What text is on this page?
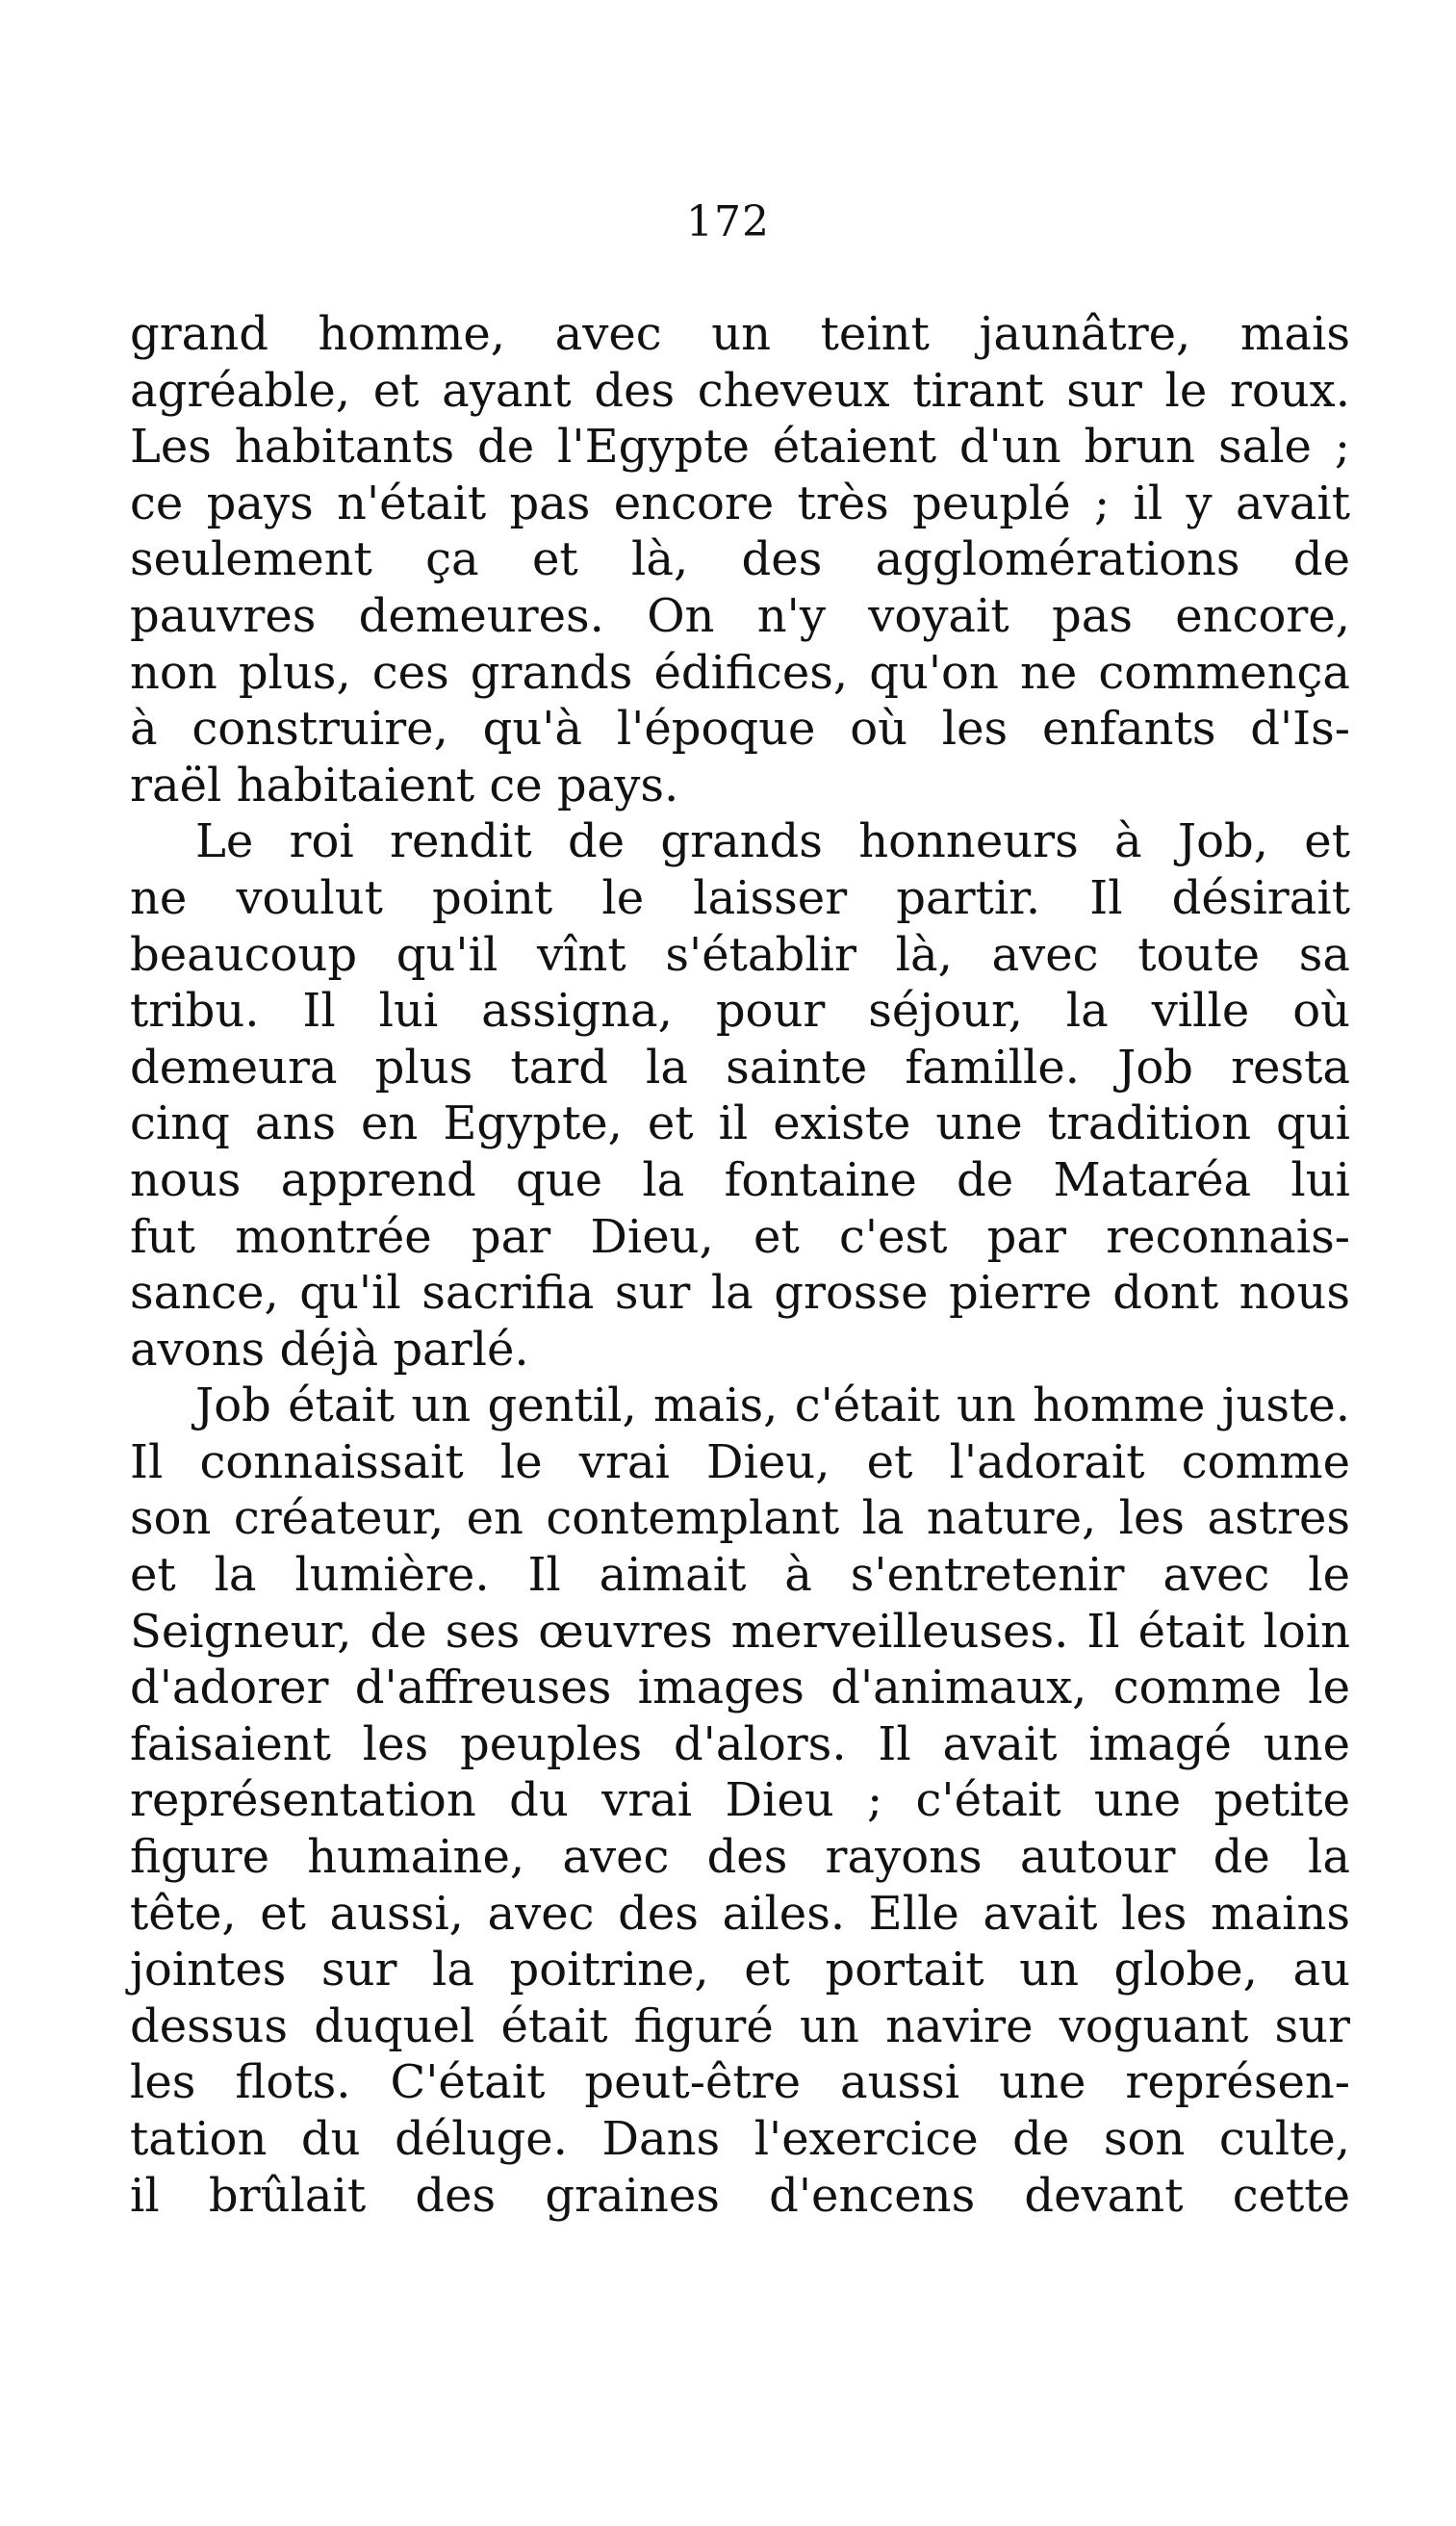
172
grand homme, avec un teint jaunâtre, mais
agréable, et ayant des cheveux tirant sur le roux.
Les habitants de l'Egypte étaient d'un brun sale ;
ce pays n'était pas encore très peuplé ; il y avait
seulement ça et là, des agglomérations de
pauvres demeures. On n'y voyait pas encore,
non plus, ces grands édifices, qu'on ne commença
à construire, qu'à l'époque où les enfants d'Is-
raël habitaient ce pays.
Le roi rendit de grands honneurs à Job, et
ne voulut point le laisser partir. Il désirait
beaucoup qu'il vînt s'établir là, avec toute sa
tribu. Il lui assigna, pour séjour, la ville où
demeura plus tard la sainte famille. Job resta
cinq ans en Egypte, et il existe une tradition qui
nous apprend que la fontaine de Mataréa lui
fut montrée par Dieu, et c'est par reconnais-
sance, qu'il sacrifia sur la grosse pierre dont nous
avons déjà parlé.
Job était un gentil, mais, c'était un homme juste.
Il connaissait le vrai Dieu, et l'adorait comme
son créateur, en contemplant la nature, les astres
et la lumière. Il aimait à s'entretenir avec le
Seigneur, de ses œuvres merveilleuses. Il était loin
d'adorer d'affreuses images d'animaux, comme le
faisaient les peuples d'alors. Il avait imagé une
représentation du vrai Dieu ; c'était une petite
figure humaine, avec des rayons autour de la
tête, et aussi, avec des ailes. Elle avait les mains
jointes sur la poitrine, et portait un globe, au
dessus duquel était figuré un navire voguant sur
les flots. C'était peut-être aussi une représen-
tation du déluge. Dans l'exercice de son culte,
il brûlait des graines d'encens devant cette
